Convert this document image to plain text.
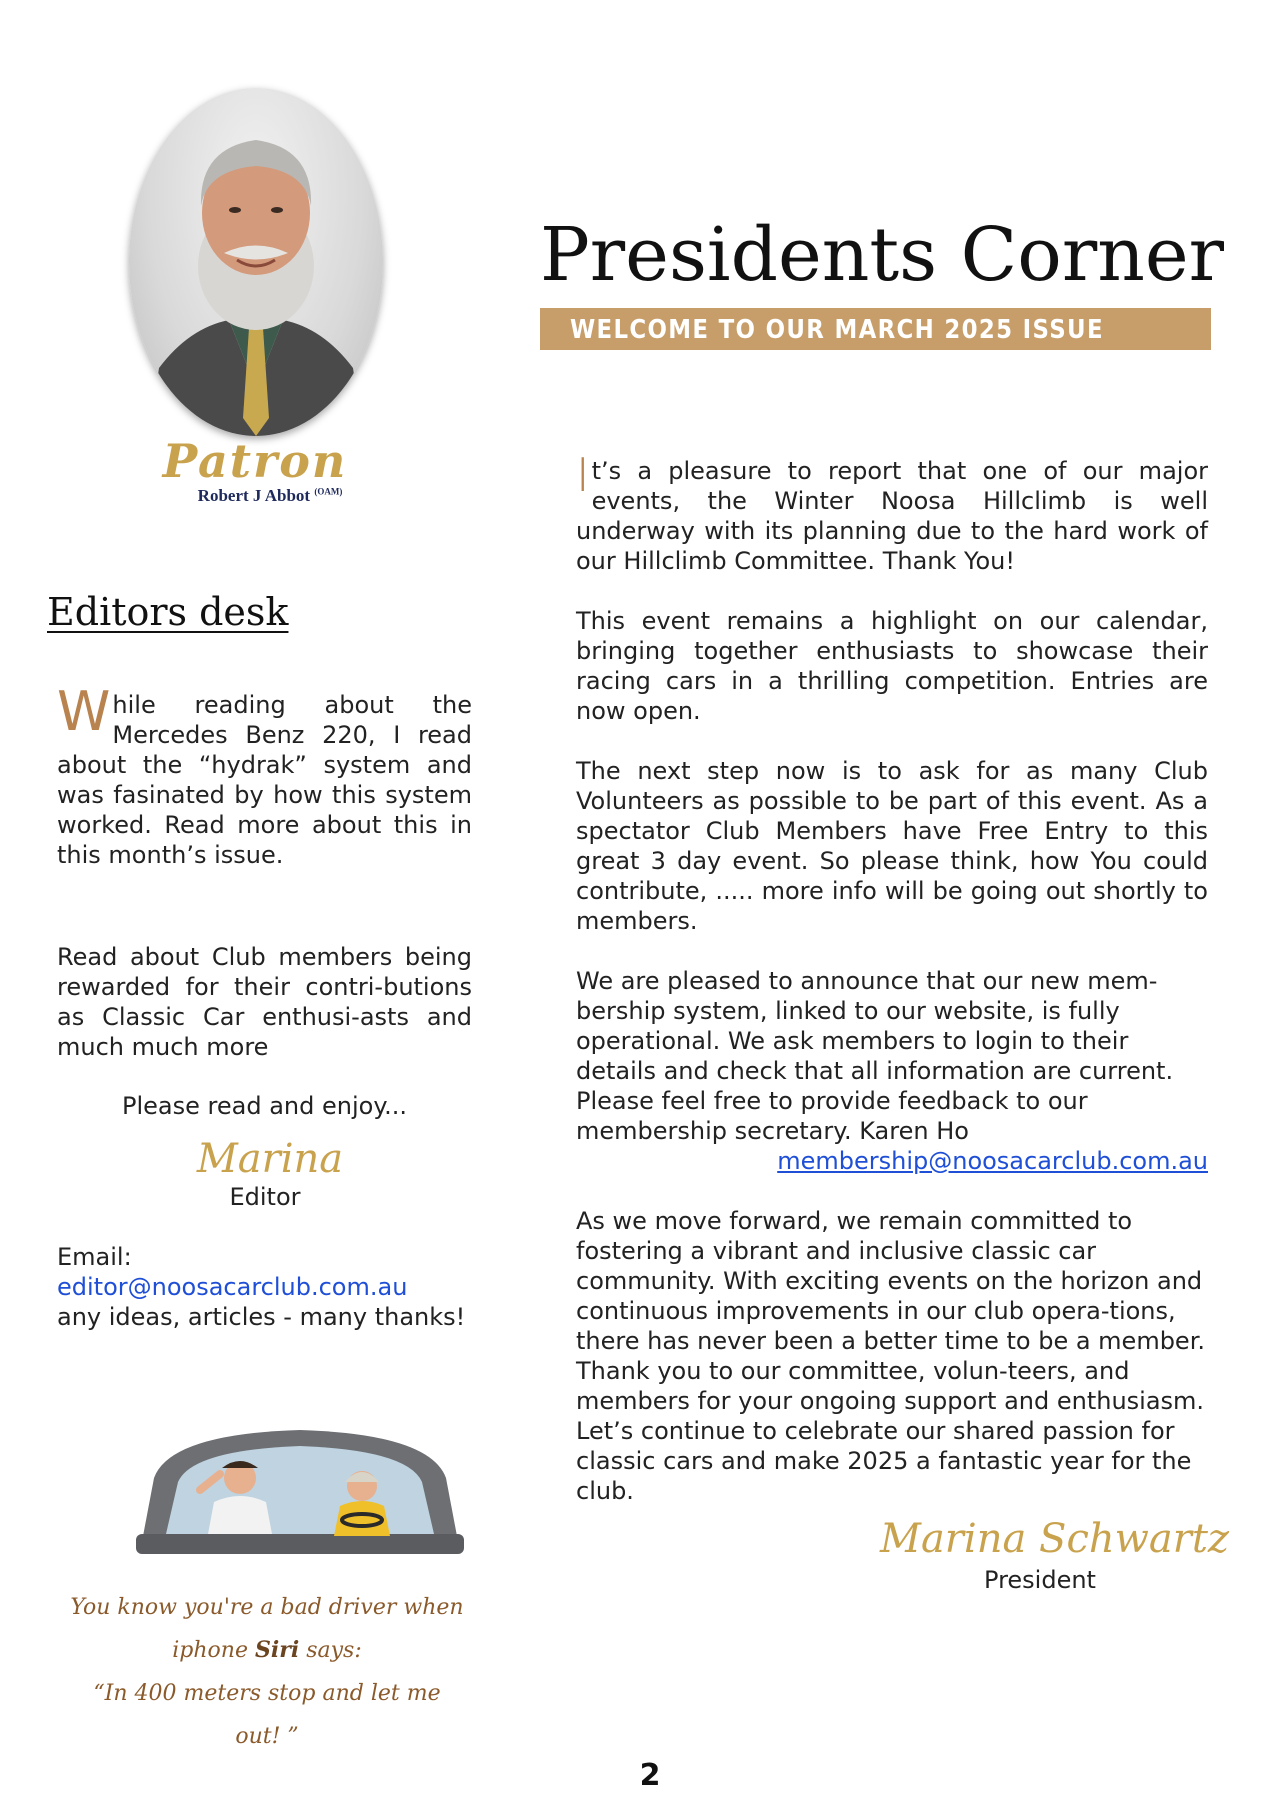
Patron
Robert J Abbot $^{(OAM)}$
Presidents Corner
WELCOME TO OUR MARCH 2025 ISSUE
Editors desk
While reading about the Mercedes Benz 220, I read about the “hydrak” system and was fasinated by how this system worked. Read more about this in this month’s issue.
Read about Club members being rewarded for their contri-butions as Classic Car enthusi-asts and much much more
Please read and enjoy...
Marina
Editor
Email:
editor@noosacarclub.com.au
any ideas, articles - many thanks!
You know you're a bad driver when
iphone Siri says:
“In 400 meters stop and let me
out! ”
It’s a pleasure to report that one of our major events, the Winter Noosa Hillclimb is well underway with its planning due to the hard work of our Hillclimb Committee. Thank You!
This event remains a highlight on our calendar, bringing together enthusiasts to showcase their racing cars in a thrilling competition. Entries are now open.
The next step now is to ask for as many Club Volunteers as possible to be part of this event. As a spectator Club Members have Free Entry to this great 3 day event. So please think, how You could contribute, ..... more info will be going out shortly to members.
We are pleased to announce that our new mem-bership system, linked to our website, is fully operational. We ask members to login to their details and check that all information are current. Please feel free to provide feedback to our membership secretary. Karen Ho
membership@noosacarclub.com.au
As we move forward, we remain committed to fostering a vibrant and inclusive classic car community. With exciting events on the horizon and continuous improvements in our club opera-tions, there has never been a better time to be a member. Thank you to our committee, volun-teers, and members for your ongoing support and enthusiasm. Let’s continue to celebrate our shared passion for classic cars and make 2025 a fantastic year for the club.
Marina Schwartz
President
2
